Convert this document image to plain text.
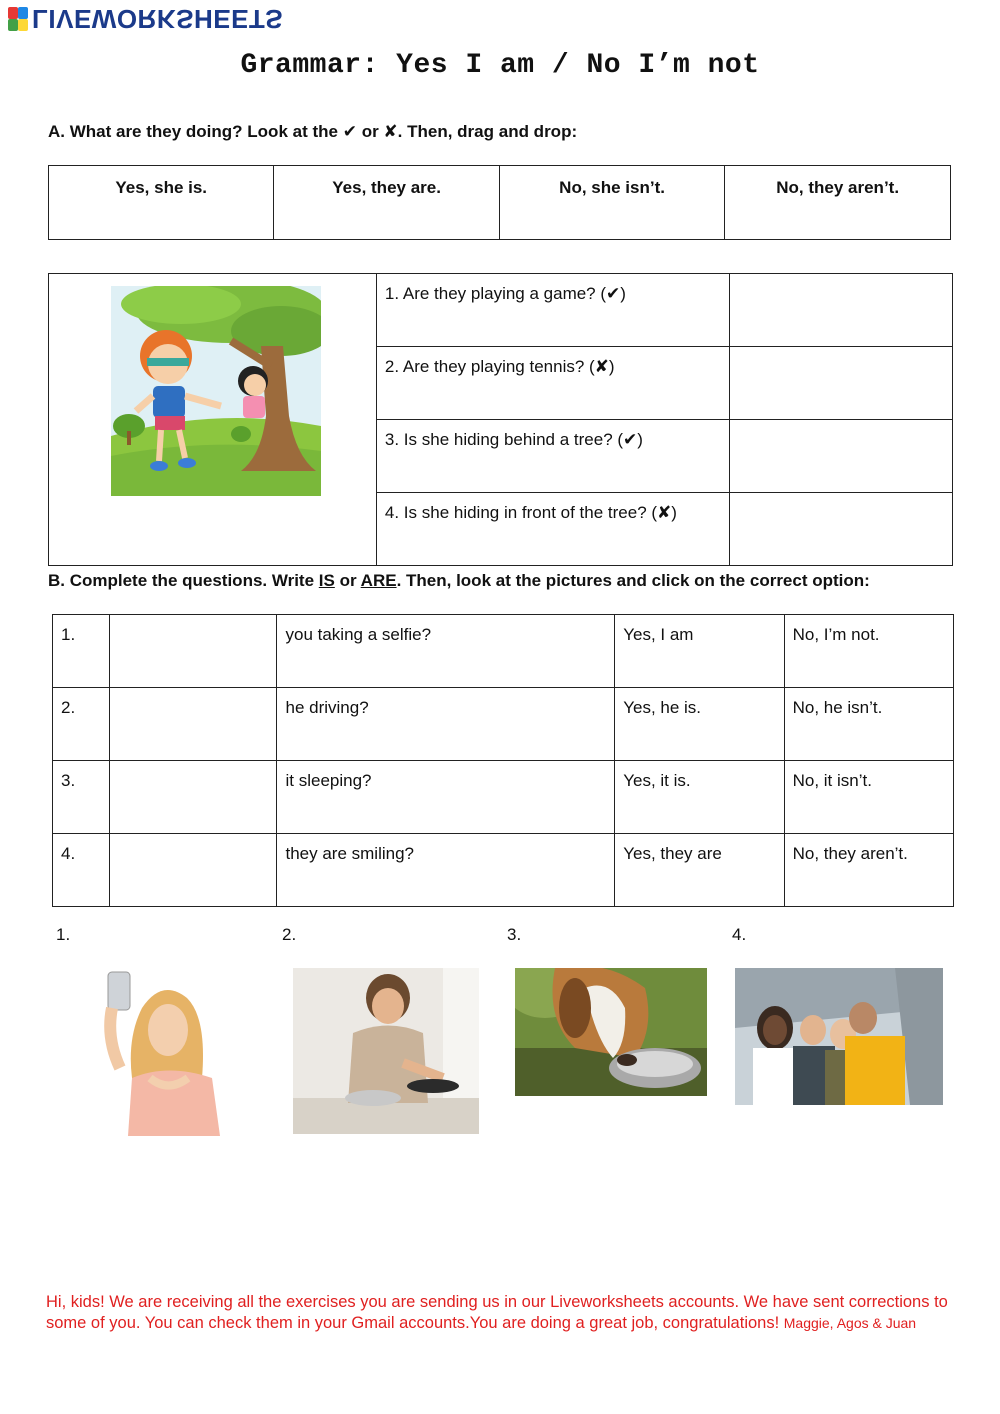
LIVEWORKSHEETS
Grammar: Yes I am / No I’m not
A. What are they doing? Look at the ✔ or ✘. Then, drag and drop:
Yes, she is.	Yes, they are.	No, she isn’t.	No, they aren’t.
	1. Are they playing a game? (✔)	
	2. Are they playing tennis? (✘)	
	3. Is she hiding behind a tree? (✔)	
	4. Is she hiding in front of the tree? (✘)	
B. Complete the questions. Write IS or ARE. Then, look at the pictures and click on the correct option:
1.		you taking a selfie?	Yes, I am	No, I’m not.
2.		he driving?	Yes, he is.	No, he isn’t.
3.		it sleeping?	Yes, it is.	No, it isn’t.
4.		they are smiling?	Yes, they are	No, they aren’t.
1.	2.	3.	4.
Hi, kids! We are receiving all the exercises you are sending us in our Liveworksheets accounts. We have sent corrections to some of you. You can check them in your Gmail accounts.You are doing a great job, congratulations! Maggie, Agos & Juan
